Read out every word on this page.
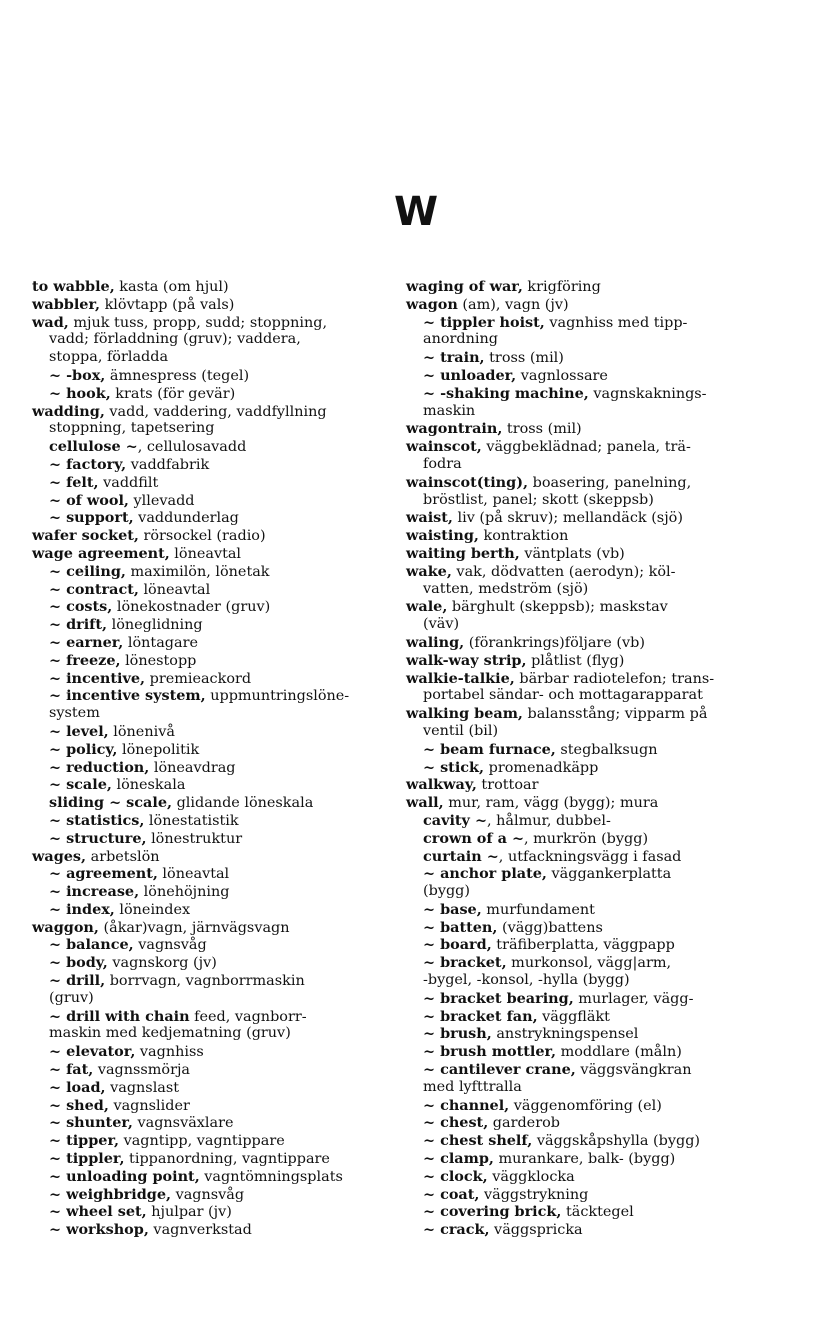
W
to wabble, kasta (om hjul)
wabbler, klövtapp (på vals)
wad, mjuk tuss, propp, sudd; stoppning,
vadd; förladdning (gruv); vaddera,
stoppa, förladda
~ -box, ämnespress (tegel)
~ hook, krats (för gevär)
wadding, vadd, vaddering, vaddfyllning
stoppning, tapetsering
cellulose ~, cellulosavadd
~ factory, vaddfabrik
~ felt, vaddfilt
~ of wool, yllevadd
~ support, vaddunderlag
wafer socket, rörsockel (radio)
wage agreement, löneavtal
~ ceiling, maximilön, lönetak
~ contract, löneavtal
~ costs, lönekostnader (gruv)
~ drift, löneglidning
~ earner, löntagare
~ freeze, lönestopp
~ incentive, premieackord
~ incentive system, uppmuntringslöne-
system
~ level, lönenivå
~ policy, lönepolitik
~ reduction, löneavdrag
~ scale, löneskala
sliding ~ scale, glidande löneskala
~ statistics, lönestatistik
~ structure, lönestruktur
wages, arbetslön
~ agreement, löneavtal
~ increase, lönehöjning
~ index, löneindex
waggon, (åkar)vagn, järnvägsvagn
~ balance, vagnsvåg
~ body, vagnskorg (jv)
~ drill, borrvagn, vagnborrmaskin
(gruv)
~ drill with chain feed, vagnborr-
maskin med kedjematning (gruv)
~ elevator, vagnhiss
~ fat, vagnssmörja
~ load, vagnslast
~ shed, vagnslider
~ shunter, vagnsväxlare
~ tipper, vagntipp, vagntippare
~ tippler, tippanordning, vagntippare
~ unloading point, vagntömningsplats
~ weighbridge, vagnsvåg
~ wheel set, hjulpar (jv)
~ workshop, vagnverkstad
waging of war, krigföring
wagon (am), vagn (jv)
~ tippler hoist, vagnhiss med tipp-
anordning
~ train, tross (mil)
~ unloader, vagnlossare
~ -shaking machine, vagnskaknings-
maskin
wagontrain, tross (mil)
wainscot, väggbeklädnad; panela, trä-
fodra
wainscot(ting), boasering, panelning,
bröstlist, panel; skott (skeppsb)
waist, liv (på skruv); mellandäck (sjö)
waisting, kontraktion
waiting berth, väntplats (vb)
wake, vak, dödvatten (aerodyn); köl-
vatten, medström (sjö)
wale, bärghult (skeppsb); maskstav
(väv)
waling, (förankrings)följare (vb)
walk-way strip, plåtlist (flyg)
walkie-talkie, bärbar radiotelefon; trans-
portabel sändar- och mottagarapparat
walking beam, balansstång; vipparm på
ventil (bil)
~ beam furnace, stegbalksugn
~ stick, promenadkäpp
walkway, trottoar
wall, mur, ram, vägg (bygg); mura
cavity ~, hålmur, dubbel-
crown of a ~, murkrön (bygg)
curtain ~, utfackningsvägg i fasad
~ anchor plate, väggankerplatta
(bygg)
~ base, murfundament
~ batten, (vägg)battens
~ board, träfiberplatta, väggpapp
~ bracket, murkonsol, vägg|arm,
-bygel, -konsol, -hylla (bygg)
~ bracket bearing, murlager, vägg-
~ bracket fan, väggfläkt
~ brush, anstrykningspensel
~ brush mottler, moddlare (måln)
~ cantilever crane, väggsvängkran
med lyfttralla
~ channel, väggenomföring (el)
~ chest, garderob
~ chest shelf, väggskåpshylla (bygg)
~ clamp, murankare, balk- (bygg)
~ clock, väggklocka
~ coat, väggstrykning
~ covering brick, täcktegel
~ crack, väggspricka
